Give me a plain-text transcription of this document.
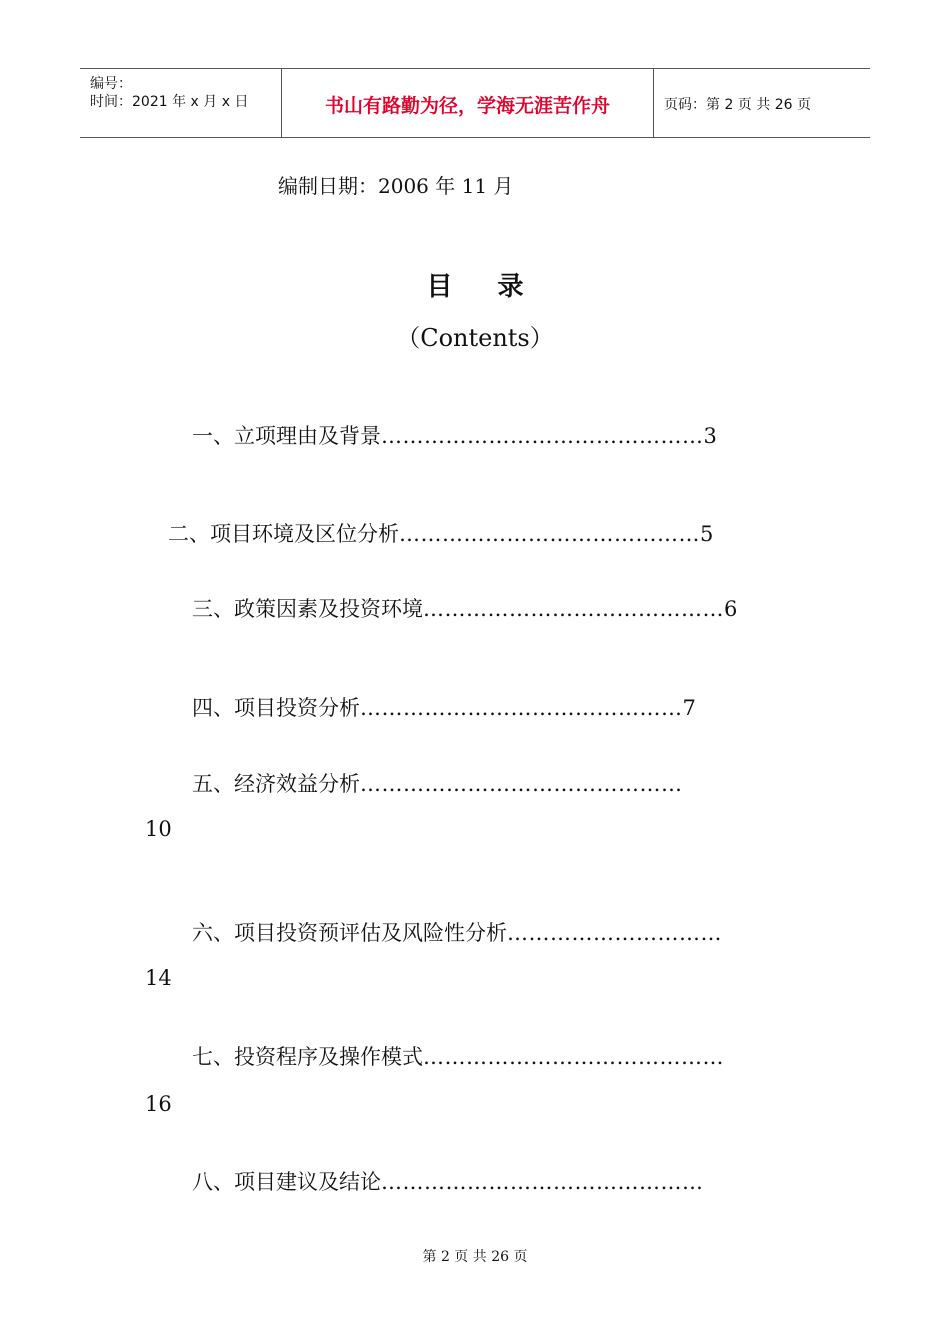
编号：
时间：2021 年 x 月 x 日	书山有路勤为径，学海无涯苦作舟	页码：第 2 页 共 26 页
编制日期：2006 年 11 月
目 录
（Contents）
一、立项理由及背景………………………………………3
二、项目环境及区位分析……………………………………5
三、政策因素及投资环境……………………………………6
四、项目投资分析………………………………………7
五、经济效益分析………………………………………
10
六、项目投资预评估及风险性分析…………………………
14
七、投资程序及操作模式……………………………………
16
八、项目建议及结论………………………………………
第 2 页 共 26 页
